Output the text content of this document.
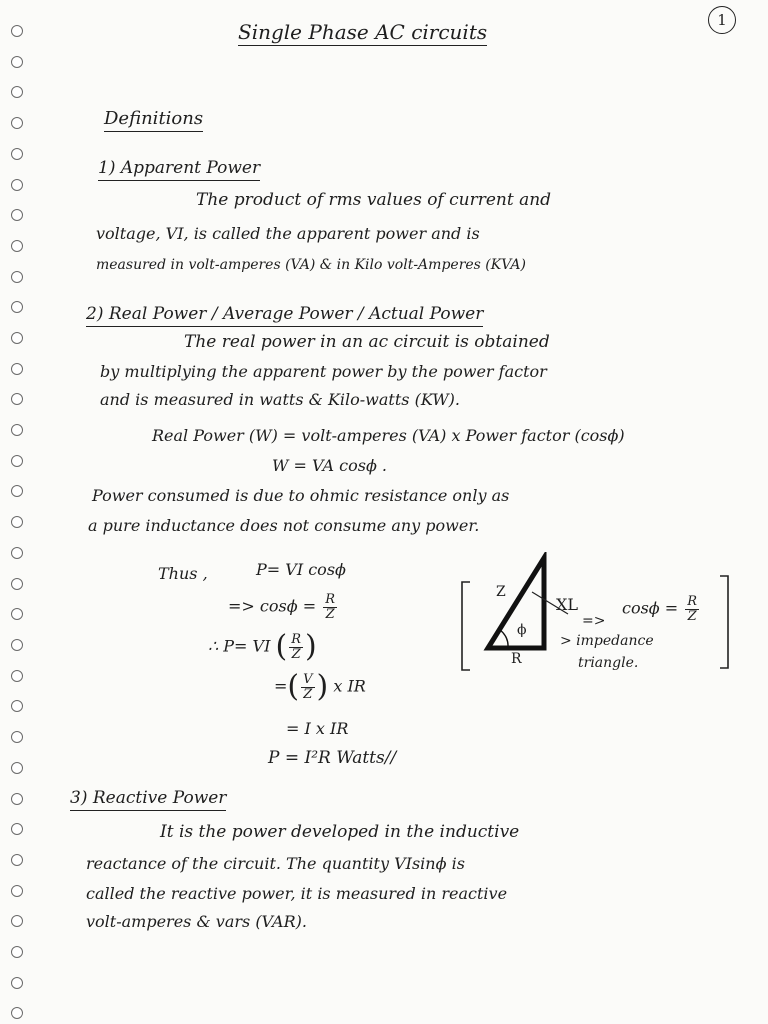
1
Single Phase AC circuits
Definitions
1) Apparent Power
The product of rms values of current and
voltage, VI, is called the apparent power and is
measured in volt-amperes (VA) & in Kilo volt-Amperes (KVA)
2) Real Power / Average Power / Actual Power
The real power in an ac circuit is obtained
by multiplying the apparent power by the power factor
and is measured in watts & Kilo-watts (KW).
Real Power (W) = volt-amperes (VA) x Power factor (cosϕ)
W = VA cosϕ .
Power consumed is due to ohmic resistance only as
a pure inductance does not consume any power.
Thus ,	P= VI cosϕ
=> $\cos\phi = \frac{R}{Z}$
∴ P= VI ( $\frac{R}{Z}$ )
=( $\frac{V}{Z}$ ) x IR
= I x IR
P = I²R Watts//
Z
XL
R
ϕ
=>
$\cos\phi = \frac{R}{Z}$
> impedance
triangle.
3) Reactive Power
It is the power developed in the inductive
reactance of the circuit. The quantity VIsinϕ is
called the reactive power, it is measured in reactive
volt-amperes & vars (VAR).
